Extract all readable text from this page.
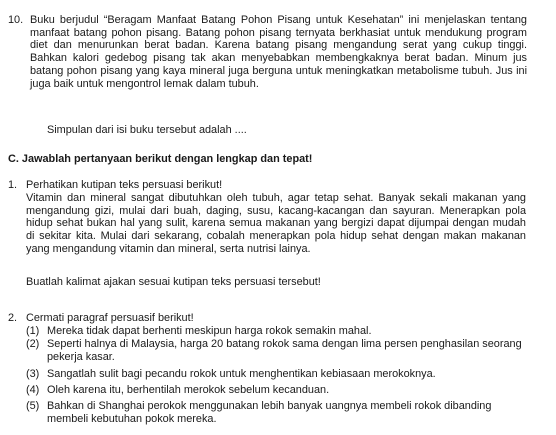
10. Buku berjudul “Beragam Manfaat Batang Pohon Pisang untuk Kesehatan” ini menjelaskan tentang manfaat batang pohon pisang. Batang pohon pisang ternyata berkhasiat untuk mendukung program diet dan menurunkan berat badan. Karena batang pisang mengandung serat yang cukup tinggi. Bahkan kalori gedebog pisang tak akan menyebabkan membengkaknya berat badan. Minum jus batang pohon pisang yang kaya mineral juga berguna untuk meningkatkan metabolisme tubuh. Jus ini juga baik untuk mengontrol lemak dalam tubuh.

Simpulan dari isi buku tersebut adalah ....

C. Jawablah pertanyaan berikut dengan lengkap dan tepat!

1. Perhatikan kutipan teks persuasi berikut!

Vitamin dan mineral sangat dibutuhkan oleh tubuh, agar tetap sehat. Banyak sekali makanan yang mengandung gizi, mulai dari buah, daging, susu, kacang-kacangan dan sayuran. Menerapkan pola hidup sehat bukan hal yang sulit, karena semua makanan yang bergizi dapat dijumpai dengan mudah di sekitar kita. Mulai dari sekarang, cobalah menerapkan pola hidup sehat dengan makan makanan yang mengandung vitamin dan mineral, serta nutrisi lainya.

Buatlah kalimat ajakan sesuai kutipan teks persuasi tersebut!

2. Cermati paragraf persuasif berikut!

(1) Mereka tidak dapat berhenti meskipun harga rokok semakin mahal.

(2) Seperti halnya di Malaysia, harga 20 batang rokok sama dengan lima persen penghasilan seorang pekerja kasar.

(3) Sangatlah sulit bagi pecandu rokok untuk menghentikan kebiasaan merokoknya.

(4) Oleh karena itu, berhentilah merokok sebelum kecanduan.

(5) Bahkan di Shanghai perokok menggunakan lebih banyak uangnya membeli rokok dibanding membeli kebutuhan pokok mereka.
